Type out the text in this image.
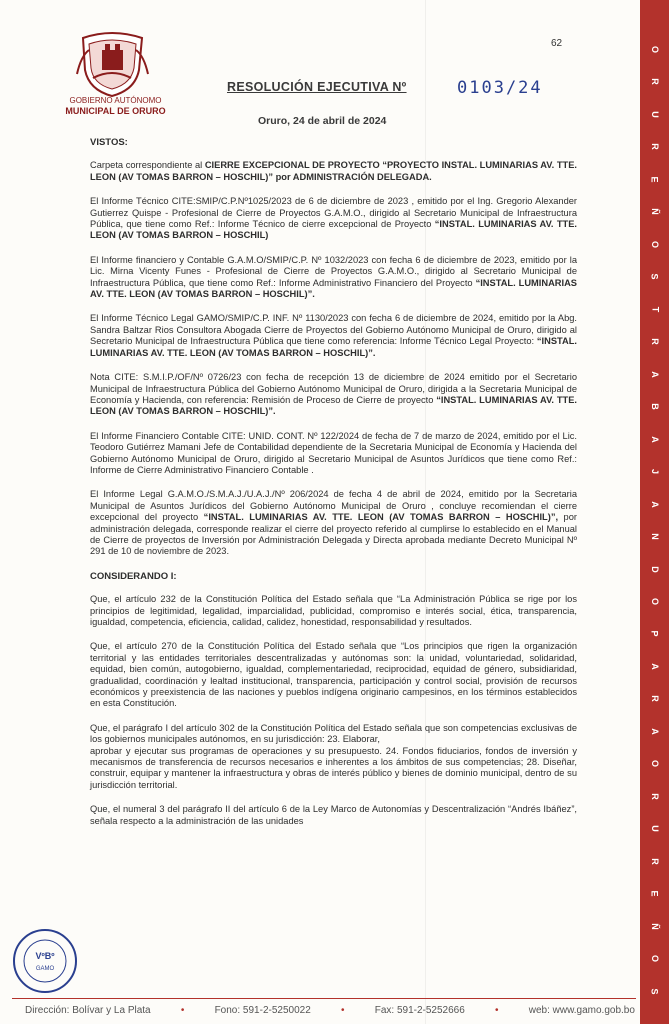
GOBIERNO AUTÓNOMO
MUNICIPAL DE ORURO
62
RESOLUCIÓN EJECUTIVA Nº	0103/24
Oruro, 24 de abril de 2024
VISTOS:

Carpeta correspondiente al CIERRE EXCEPCIONAL DE PROYECTO “PROYECTO INSTAL. LUMINARIAS AV. TTE. LEON (AV TOMAS BARRON – HOSCHIL)” por ADMINISTRACIÓN DELEGADA.

El Informe Técnico CITE:SMIP/C.P.Nº1025/2023 de 6 de diciembre de 2023 , emitido por el Ing. Gregorio Alexander Gutierrez Quispe - Profesional de Cierre de Proyectos G.A.M.O., dirigido al Secretario Municipal de Infraestructura Pública, que tiene como Ref.: Informe Técnico de cierre excepcional de Proyecto “INSTAL. LUMINARIAS AV. TTE. LEON (AV TOMAS BARRON – HOSCHIL)

El Informe financiero y Contable G.A.M.O/SMIP/C.P. Nº 1032/2023 con fecha 6 de diciembre de 2023, emitido por la Lic. Mirna Vicenty Funes - Profesional de Cierre de Proyectos G.A.M.O., dirigido al Secretario Municipal de Infraestructura Pública, que tiene como Ref.: Informe Administrativo Financiero del Proyecto “INSTAL. LUMINARIAS AV. TTE. LEON (AV TOMAS BARRON – HOSCHIL)”.

El Informe Técnico Legal GAMO/SMIP/C.P. INF. Nº 1130/2023 con fecha 6 de diciembre de 2024, emitido por la Abg. Sandra Baltzar Rios Consultora Abogada Cierre de Proyectos del Gobierno Autónomo Municipal de Oruro, dirigido al Secretario Municipal de Infraestructura Pública que tiene como referencia: Informe Técnico Legal Proyecto: “INSTAL. LUMINARIAS AV. TTE. LEON (AV TOMAS BARRON – HOSCHIL)”.

Nota CITE: S.M.I.P./OF/Nº 0726/23 con fecha de recepción 13 de diciembre de 2024 emitido por el Secretario Municipal de Infraestructura Pública del Gobierno Autónomo Municipal de Oruro, dirigida a la Secretaria Municipal de Economía y Hacienda, con referencia: Remisión de Proceso de Cierre de proyecto “INSTAL. LUMINARIAS AV. TTE. LEON (AV TOMAS BARRON – HOSCHIL)”.

El Informe Financiero Contable CITE: UNID. CONT. Nº 122/2024 de fecha de 7 de marzo de 2024, emitido por el Lic. Teodoro Gutiérrez Mamani Jefe de Contabilidad dependiente de la Secretaria Municipal de Economía y Hacienda del Gobierno Autónomo Municipal de Oruro, dirigido al Secretario Municipal de Asuntos Jurídicos que tiene como Ref.: Informe de Cierre Administrativo Financiero Contable .

El Informe Legal G.A.M.O./S.M.A.J./U.A.J./Nº 206/2024 de fecha 4 de abril de 2024, emitido por la Secretaria Municipal de Asuntos Jurídicos del Gobierno Autónomo Municipal de Oruro , concluye recomiendan el cierre excepcional del proyecto “INSTAL. LUMINARIAS AV. TTE. LEON (AV TOMAS BARRON – HOSCHIL)”, por administración delegada, corresponde realizar el cierre del proyecto referido al cumplirse lo establecido en el Manual de Cierre de proyectos de Inversión por Administración Delegada y Directa aprobada mediante Decreto Municipal Nº 291 de 10 de noviembre de 2023.

CONSIDERANDO I:

Que, el artículo 232 de la Constitución Política del Estado señala que “La Administración Pública se rige por los principios de legitimidad, legalidad, imparcialidad, publicidad, compromiso e interés social, ética, transparencia, igualdad, competencia, eficiencia, calidad, calidez, honestidad, responsabilidad y resultados.

Que, el artículo 270 de la Constitución Política del Estado señala que “Los principios que rigen la organización territorial y las entidades territoriales descentralizadas y autónomas son: la unidad, voluntariedad, solidaridad, equidad, bien común, autogobierno, igualdad, complementariedad, reciprocidad, equidad de género, subsidiaridad, gradualidad, coordinación y lealtad institucional, transparencia, participación y control social, provisión de recursos económicos y preexistencia de las naciones y pueblos indígena originario campesinos, en los términos establecidos en esta Constitución.

Que, el parágrafo I del artículo 302 de la Constitución Política del Estado señala que son competencias exclusivas de los gobiernos municipales autónomos, en su jurisdicción: 23. Elaborar,

aprobar y ejecutar sus programas de operaciones y su presupuesto. 24. Fondos fiduciarios, fondos de inversión y mecanismos de transferencia de recursos necesarios e inherentes a los ámbitos de sus competencias; 28. Diseñar, construir, equipar y mantener la infraestructura y obras de interés público y bienes de dominio municipal, dentro de su jurisdicción territorial.

Que, el numeral 3 del parágrafo II del artículo 6 de la Ley Marco de Autonomías y Descentralización “Andrés Ibáñez”, señala respecto a la administración de las unidades

O
R
U
R
E
Ñ
O
S
T
R
A
B
A
J
A
N
D
O
P
A
R
A
O
R
U
R
E
Ñ
O
S
VºBº
GAMO
Dirección: Bolívar y La Plata	•	Fono: 591-2-5250022	•	Fax: 591-2-5252666	•	web: www.gamo.gob.bo
